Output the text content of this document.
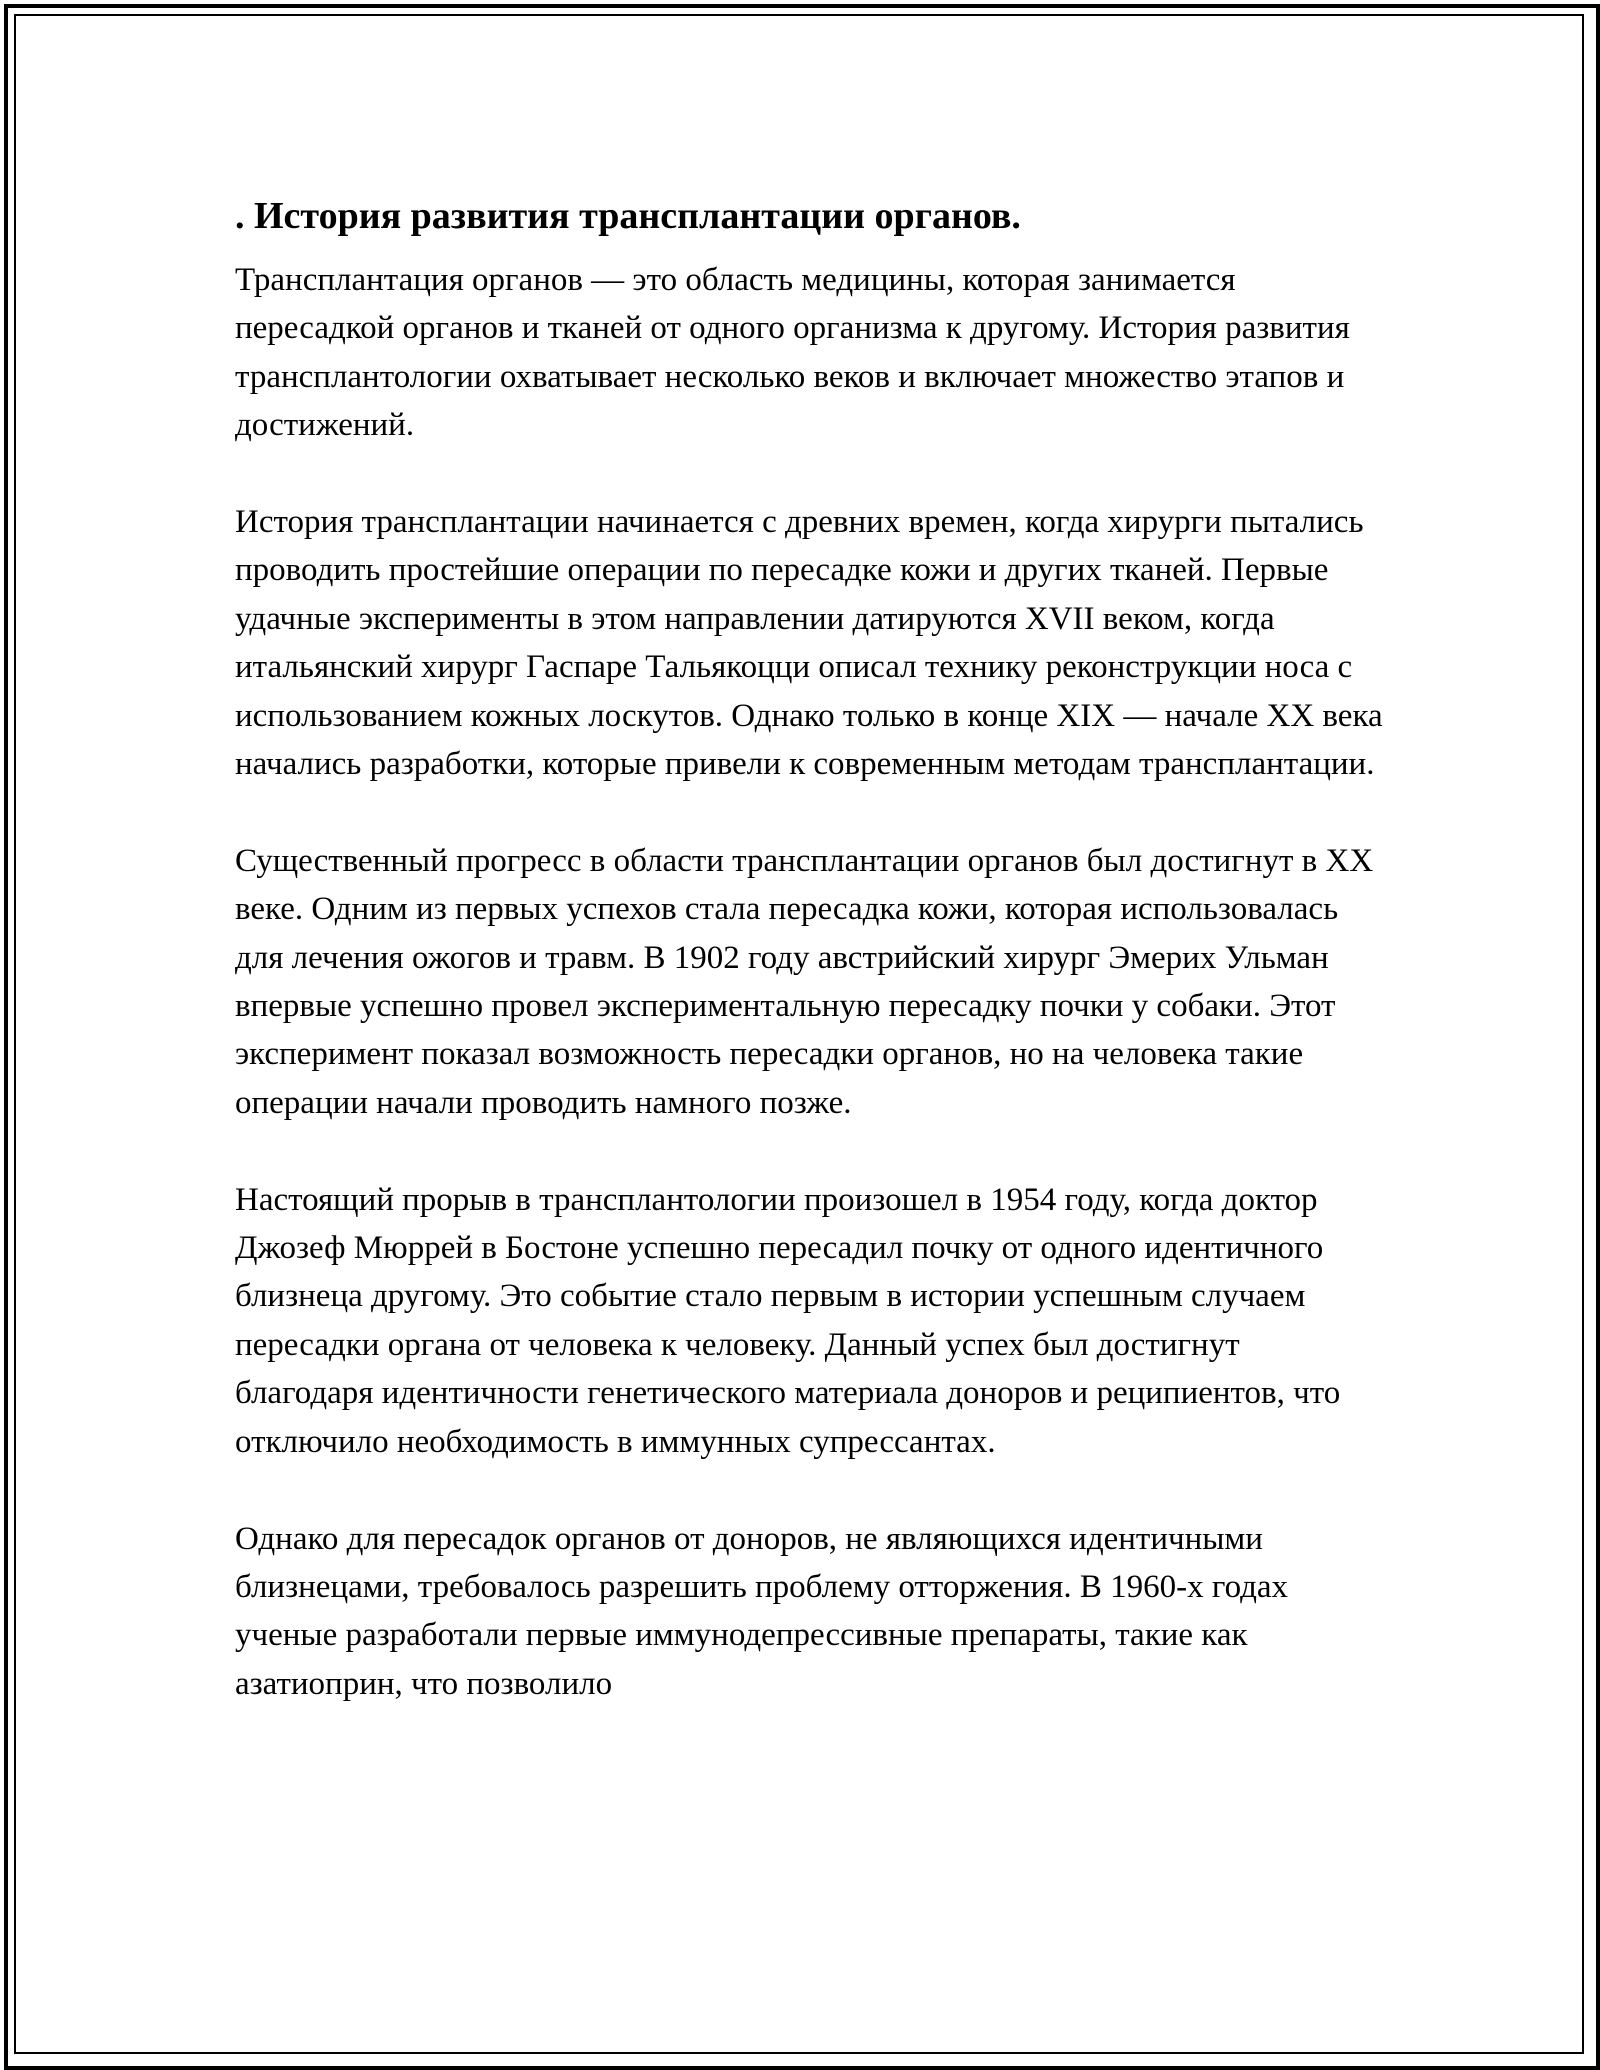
. История развития трансплантации органов.

Трансплантация органов — это область медицины, которая занимается пересадкой органов и тканей от одного организма к другому. История развития трансплантологии охватывает несколько веков и включает множество этапов и достижений.

История трансплантации начинается с древних времен, когда хирурги пытались проводить простейшие операции по пересадке кожи и других тканей. Первые удачные эксперименты в этом направлении датируются XVII веком, когда итальянский хирург Гаспаре Тальякоцци описал технику реконструкции носа с использованием кожных лоскутов. Однако только в конце XIX — начале XX века начались разработки, которые привели к современным методам трансплантации.

Существенный прогресс в области трансплантации органов был достигнут в XX веке. Одним из первых успехов стала пересадка кожи, которая использовалась для лечения ожогов и травм. В 1902 году австрийский хирург Эмерих Ульман впервые успешно провел экспериментальную пересадку почки у собаки. Этот эксперимент показал возможность пересадки органов, но на человека такие операции начали проводить намного позже.

Настоящий прорыв в трансплантологии произошел в 1954 году, когда доктор Джозеф Мюррей в Бостоне успешно пересадил почку от одного идентичного близнеца другому. Это событие стало первым в истории успешным случаем пересадки органа от человека к человеку. Данный успех был достигнут благодаря идентичности генетического материала доноров и реципиентов, что отключило необходимость в иммунных супрессантах.

Однако для пересадок органов от доноров, не являющихся идентичными близнецами, требовалось разрешить проблему отторжения. В 1960-х годах ученые разработали первые иммунодепрессивные препараты, такие как азатиоприн, что позволило
